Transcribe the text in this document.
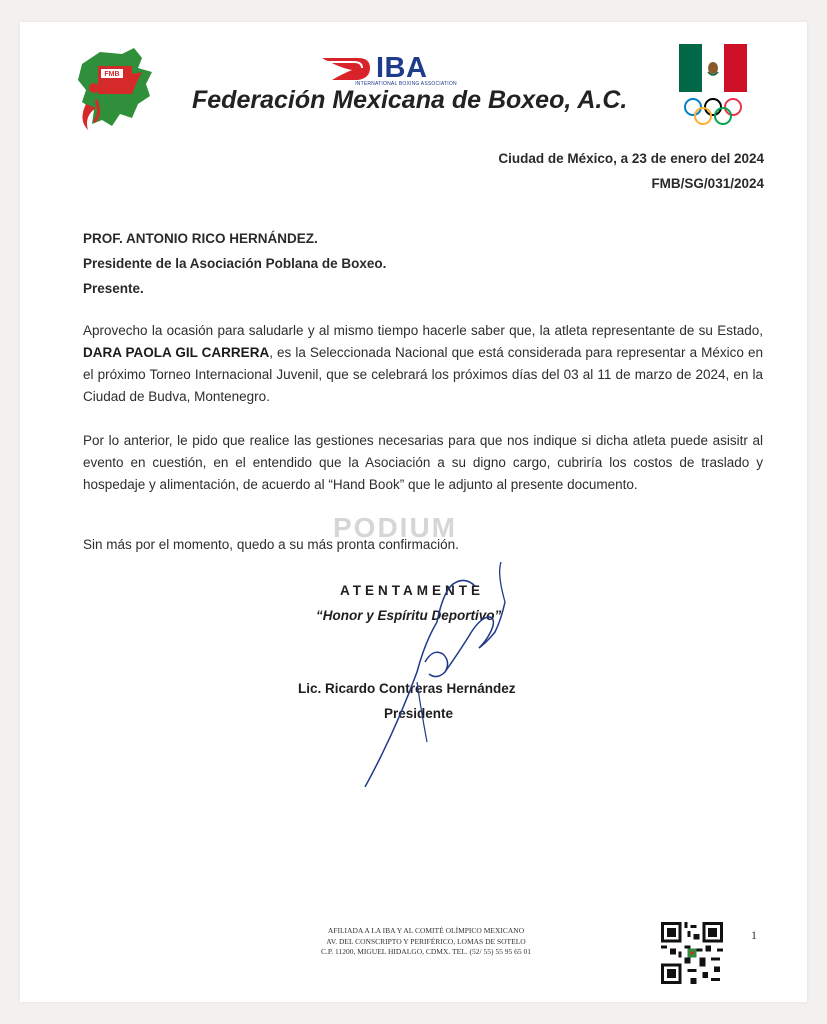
FMB	IBA
INTERNATIONAL BOXING ASSOCIATION
Federación Mexicana de Boxeo, A.C.
Ciudad de México, a 23 de enero del 2024
FMB/SG/031/2024
PROF. ANTONIO RICO HERNÁNDEZ.
Presidente de la Asociación Poblana de Boxeo.
Presente.
Aprovecho la ocasión para saludarle y al mismo tiempo hacerle saber que, la atleta representante de su Estado, DARA PAOLA GIL CARRERA, es la Seleccionada Nacional que está considerada para representar a México en el próximo Torneo Internacional Juvenil, que se celebrará los próximos días del 03 al 11 de marzo de 2024, en la Ciudad de Budva, Montenegro.
Por lo anterior, le pido que realice las gestiones necesarias para que nos indique si dicha atleta puede asisitr al evento en cuestión, en el entendido que la Asociación a su digno cargo, cubriría los costos de traslado y hospedaje y alimentación, de acuerdo al “Hand Book” que le adjunto al presente documento.
PODIUM
Sin más por el momento, quedo a su más pronta confirmación.
ATENTAMENTE
“Honor y Espíritu Deportivo”
Lic. Ricardo Contreras Hernández
Presidente
AFILIADA A LA IBA Y AL COMITÉ OLÍMPICO MEXICANO
AV. DEL CONSCRIPTO Y PERIFÉRICO, LOMAS DE SOTELO
C.P. 11200, MIGUEL HIDALGO, CDMX. TEL. (52/ 55) 55 95 65 01
1
